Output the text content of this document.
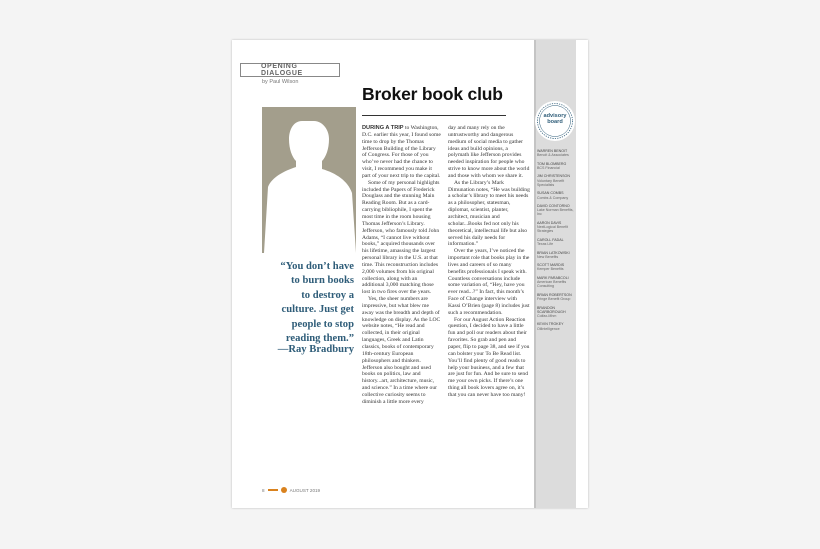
OPENING DIALOGUE
by Paul Wilson
“You don’t have
to burn books
to destroy a
culture. Just get
people to stop
reading them.”
—Ray Bradbury
Broker book club

DURING A TRIP to Washington, D.C. earlier this year, I found some time to drop by the Thomas Jefferson Building of the Library of Congress. For those of you who’ve never had the chance to visit, I recommend you make it part of your next trip to the capital.

Some of my personal highlights included the Papers of Frederick Douglass and the stunning Main Reading Room. But as a card-carrying bibliophile, I spent the most time in the room housing Thomas Jefferson’s Library. Jefferson, who famously told John Adams, “I cannot live without books,” acquired thousands over his lifetime, amassing the largest personal library in the U.S. at that time. This reconstruction includes 2,000 volumes from his original collection, along with an additional 3,000 matching those lost in two fires over the years.

Yes, the sheer numbers are impressive, but what blew me away was the breadth and depth of knowledge on display. As the LOC website notes, “He read and collected, in their original languages, Greek and Latin classics, books of contemporary 18th-century European philosophers and thinkers. Jefferson also bought and used books on politics, law and history...art, architecture, music, and science.” In a time where our collective curiosity seems to diminish a little more every

day and many rely on the untrustworthy and dangerous medium of social media to gather ideas and build opinions, a polymath like Jefferson provides needed inspiration for people who strive to know more about the world and those with whom we share it.

As the Library’s Mark Dimunation notes, “He was building a scholar’s library to meet his needs as a philosopher, statesman, diplomat, scientist, planter, architect, musician and scholar...Books fed not only his theoretical, intellectual life but also served his daily needs for information.”

Over the years, I’ve noticed the important role that books play in the lives and careers of so many benefits professionals I speak with. Countless conversations include some variation of, “Hey, have you ever read...?” In fact, this month’s Face of Change interview with Kassi O’Brien (page 8) includes just such a recommendation.

For our August Action Reaction question, I decided to have a little fun and poll our readers about their favorites. So grab and pen and paper, flip to page 38, and see if you can bolster your To Be Read list. You’ll find plenty of good reads to help your business, and a few that are just for fun. And be sure to send me your own picks. If there’s one thing all book lovers agree on, it’s that you can never have too many!

advisory
board
WARREN BENOIT
Benoit & Associates
TOM BLOMBERG
BCS Financial
JIM CHRISTENSON
Voluntary Benefit Specialists
SUSAN COMBS
Combs & Company
DAVID CONTORNO
Lake Norman Benefits, Inc
AARON DAVIS
NextLogical Benefit Strategies
CAROLL FADAL
Texas Life
BRIAN LATKOWSKI
New Benefits
SCOTT MARDIS
Kemper Benefits
MARK PARABCOLI
American Benefits Consulting
BRIAN ROBERTSON
Fringe Benefit Group
BRANDON SCARBOROUGH
Colfax-Mhm
KEVIN TROKEY
OilIntelligence
8	AUGUST 2019
